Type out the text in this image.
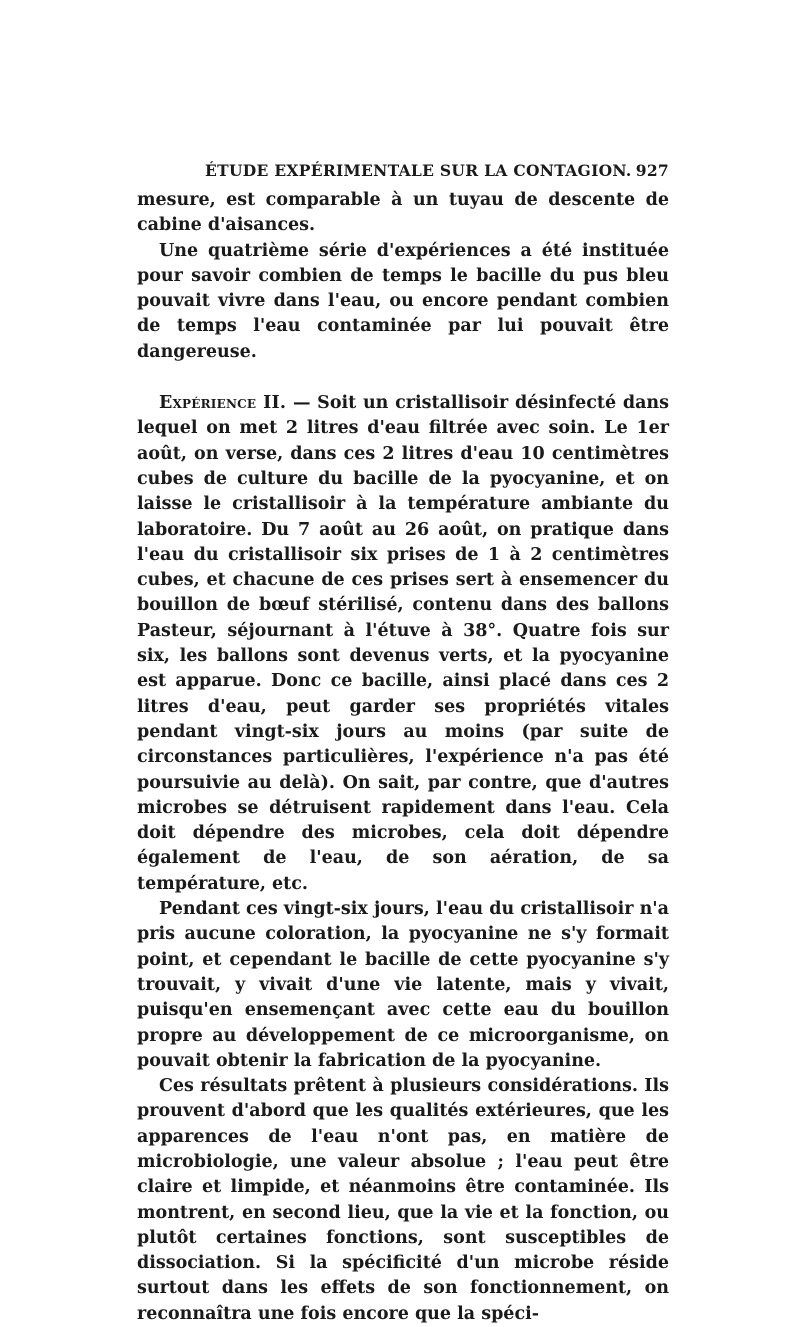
ÉTUDE EXPÉRIMENTALE SUR LA CONTAGION. 927

mesure, est comparable à un tuyau de descente de cabine d'aisances.

Une quatrième série d'expériences a été instituée pour savoir combien de temps le bacille du pus bleu pouvait vivre dans l'eau, ou encore pendant combien de temps l'eau contaminée par lui pouvait être dangereuse.

Expérience II. — Soit un cristallisoir désinfecté dans lequel on met 2 litres d'eau filtrée avec soin. Le 1er août, on verse, dans ces 2 litres d'eau 10 centimètres cubes de culture du bacille de la pyocyanine, et on laisse le cristallisoir à la température ambiante du laboratoire. Du 7 août au 26 août, on pratique dans l'eau du cristallisoir six prises de 1 à 2 centimètres cubes, et chacune de ces prises sert à ensemencer du bouillon de bœuf stérilisé, contenu dans des ballons Pasteur, séjournant à l'étuve à 38°. Quatre fois sur six, les ballons sont devenus verts, et la pyocyanine est apparue. Donc ce bacille, ainsi placé dans ces 2 litres d'eau, peut garder ses propriétés vitales pendant vingt-six jours au moins (par suite de circonstances particulières, l'expérience n'a pas été poursuivie au delà). On sait, par contre, que d'autres microbes se détruisent rapidement dans l'eau. Cela doit dépendre des microbes, cela doit dépendre également de l'eau, de son aération, de sa température, etc.

Pendant ces vingt-six jours, l'eau du cristallisoir n'a pris aucune coloration, la pyocyanine ne s'y formait point, et cependant le bacille de cette pyocyanine s'y trouvait, y vivait d'une vie latente, mais y vivait, puisqu'en ensemençant avec cette eau du bouillon propre au développement de ce microorganisme, on pouvait obtenir la fabrication de la pyocyanine.

Ces résultats prêtent à plusieurs considérations. Ils prouvent d'abord que les qualités extérieures, que les apparences de l'eau n'ont pas, en matière de microbiologie, une valeur absolue ; l'eau peut être claire et limpide, et néanmoins être contaminée. Ils montrent, en second lieu, que la vie et la fonction, ou plutôt certaines fonctions, sont susceptibles de dissociation. Si la spécificité d'un microbe réside surtout dans les effets de son fonctionnement, on reconnaîtra une fois encore que la spéci-
